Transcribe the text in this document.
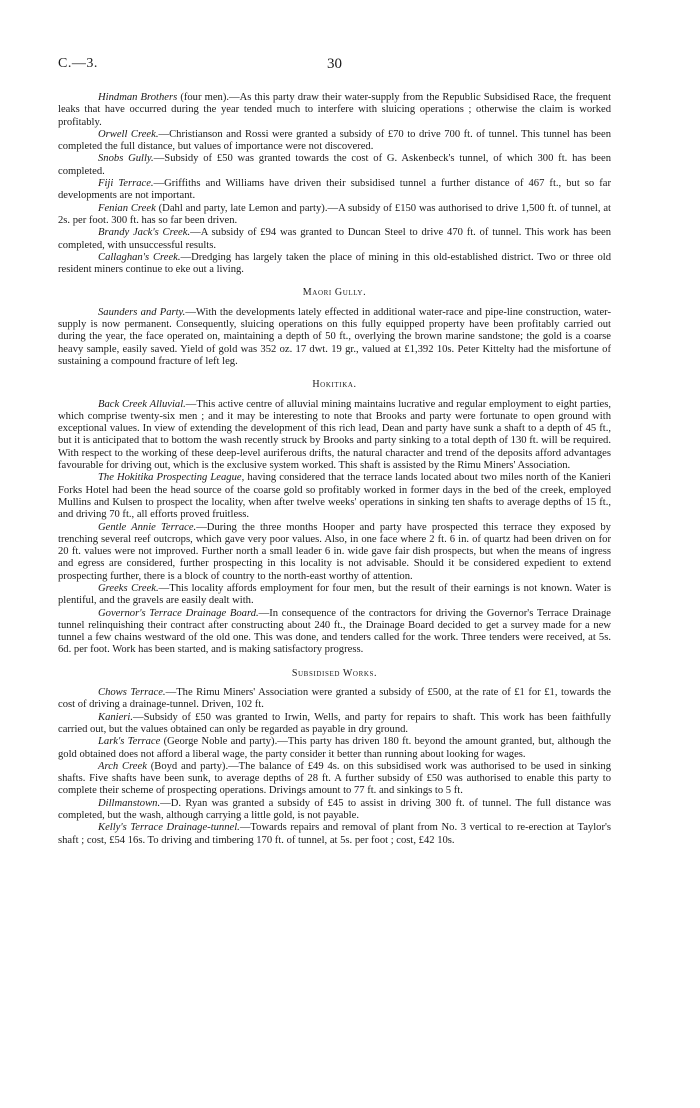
C.—3.	30

Hindman Brothers (four men).—As this party draw their water-supply from the Republic Subsidised Race, the frequent leaks that have occurred during the year tended much to interfere with sluicing operations ; otherwise the claim is worked profitably.

Orwell Creek.—Christianson and Rossi were granted a subsidy of £70 to drive 700 ft. of tunnel. This tunnel has been completed the full distance, but values of importance were not discovered.

Snobs Gully.—Subsidy of £50 was granted towards the cost of G. Askenbeck's tunnel, of which 300 ft. has been completed.

Fiji Terrace.—Griffiths and Williams have driven their subsidised tunnel a further distance of 467 ft., but so far developments are not important.

Fenian Creek (Dahl and party, late Lemon and party).—A subsidy of £150 was authorised to drive 1,500 ft. of tunnel, at 2s. per foot. 300 ft. has so far been driven.

Brandy Jack's Creek.—A subsidy of £94 was granted to Duncan Steel to drive 470 ft. of tunnel. This work has been completed, with unsuccessful results.

Callaghan's Creek.—Dredging has largely taken the place of mining in this old-established district. Two or three old resident miners continue to eke out a living.

Maori Gully.

Saunders and Party.—With the developments lately effected in additional water-race and pipe-line construction, water-supply is now permanent. Consequently, sluicing operations on this fully equipped property have been profitably carried out during the year, the face operated on, maintaining a depth of 50 ft., overlying the brown marine sandstone; the gold is a coarse heavy sample, easily saved. Yield of gold was 352 oz. 17 dwt. 19 gr., valued at £1,392 10s. Peter Kittelty had the misfortune of sustaining a compound fracture of left leg.

Hokitika.

Back Creek Alluvial.—This active centre of alluvial mining maintains lucrative and regular employment to eight parties, which comprise twenty-six men ; and it may be interesting to note that Brooks and party were fortunate to open ground with exceptional values. In view of extending the development of this rich lead, Dean and party have sunk a shaft to a depth of 45 ft., but it is anticipated that to bottom the wash recently struck by Brooks and party sinking to a total depth of 130 ft. will be required. With respect to the working of these deep-level auriferous drifts, the natural character and trend of the deposits afford advantages favourable for driving out, which is the exclusive system worked. This shaft is assisted by the Rimu Miners' Association.

The Hokitika Prospecting League, having considered that the terrace lands located about two miles north of the Kanieri Forks Hotel had been the head source of the coarse gold so profitably worked in former days in the bed of the creek, employed Mullins and Kulsen to prospect the locality, when after twelve weeks' operations in sinking ten shafts to average depths of 15 ft., and driving 70 ft., all efforts proved fruitless.

Gentle Annie Terrace.—During the three months Hooper and party have prospected this terrace they exposed by trenching several reef outcrops, which gave very poor values. Also, in one face where 2 ft. 6 in. of quartz had been driven on for 20 ft. values were not improved. Further north a small leader 6 in. wide gave fair dish prospects, but when the means of ingress and egress are considered, further prospecting in this locality is not advisable. Should it be considered expedient to extend prospecting further, there is a block of country to the north-east worthy of attention.

Greeks Creek.—This locality affords employment for four men, but the result of their earnings is not known. Water is plentiful, and the gravels are easily dealt with.

Governor's Terrace Drainage Board.—In consequence of the contractors for driving the Governor's Terrace Drainage tunnel relinquishing their contract after constructing about 240 ft., the Drainage Board decided to get a survey made for a new tunnel a few chains westward of the old one. This was done, and tenders called for the work. Three tenders were received, at 5s. 6d. per foot. Work has been started, and is making satisfactory progress.

Subsidised Works.

Chows Terrace.—The Rimu Miners' Association were granted a subsidy of £500, at the rate of £1 for £1, towards the cost of driving a drainage-tunnel. Driven, 102 ft.

Kanieri.—Subsidy of £50 was granted to Irwin, Wells, and party for repairs to shaft. This work has been faithfully carried out, but the values obtained can only be regarded as payable in dry ground.

Lark's Terrace (George Noble and party).—This party has driven 180 ft. beyond the amount granted, but, although the gold obtained does not afford a liberal wage, the party consider it better than running about looking for wages.

Arch Creek (Boyd and party).—The balance of £49 4s. on this subsidised work was authorised to be used in sinking shafts. Five shafts have been sunk, to average depths of 28 ft. A further subsidy of £50 was authorised to enable this party to complete their scheme of prospecting operations. Drivings amount to 77 ft. and sinkings to 5 ft.

Dillmanstown.—D. Ryan was granted a subsidy of £45 to assist in driving 300 ft. of tunnel. The full distance was completed, but the wash, although carrying a little gold, is not payable.

Kelly's Terrace Drainage-tunnel.—Towards repairs and removal of plant from No. 3 vertical to re-erection at Taylor's shaft ; cost, £54 16s. To driving and timbering 170 ft. of tunnel, at 5s. per foot ; cost, £42 10s.
